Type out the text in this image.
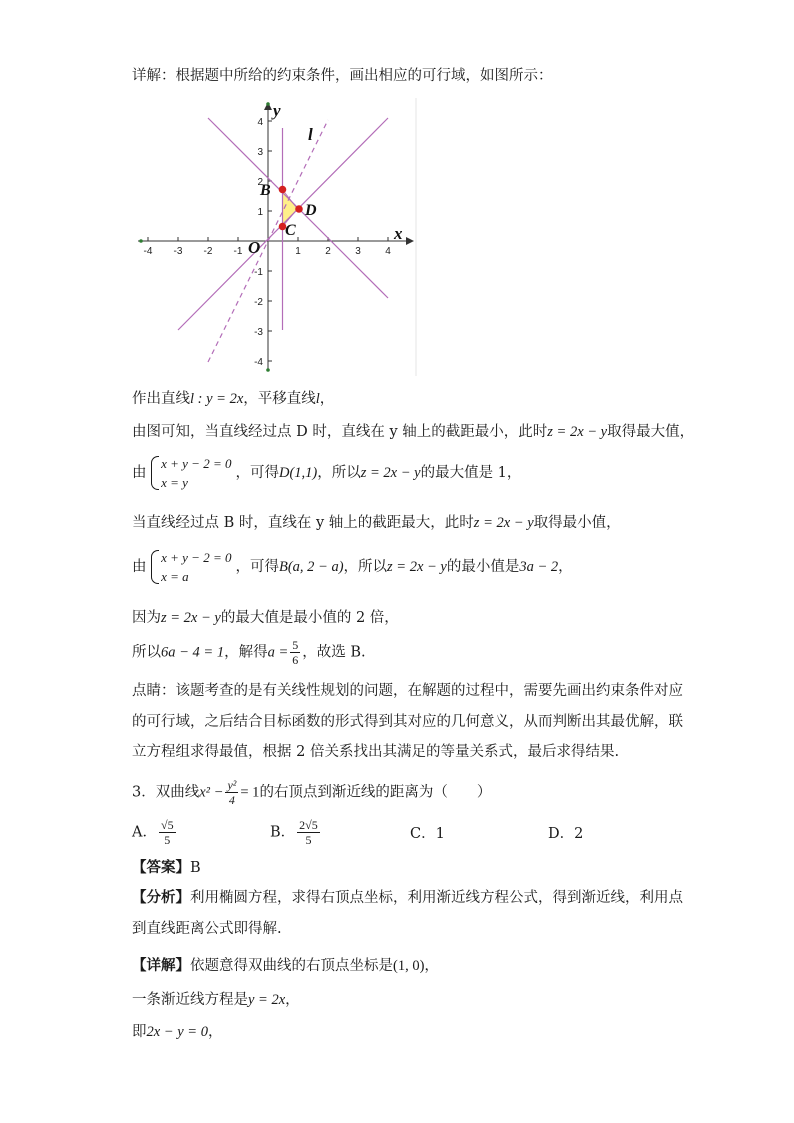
详解：根据题中所给的约束条件，画出相应的可行域，如图所示：
-4 -3 -2 -1	1 2 3 4
4
3
2
1
-1
-2
-3
-4
y
x
O
l
B
C
D
作出直线l : y = 2x，平移直线l，
由图可知，当直线经过点 D 时，直线在 y 轴上的截距最小，此时z = 2x − y取得最大值，
由
x + y − 2 = 0
x = y
，可得D(1,1)，所以z = 2x − y的最大值是 1，
当直线经过点 B 时，直线在 y 轴上的截距最大，此时z = 2x − y取得最小值，
由
x + y − 2 = 0
x = a
，可得B(a, 2 − a)，所以z = 2x − y的最小值是3a − 2，
因为z = 2x − y的最大值是最小值的 2 倍，
所以6a − 4 = 1，解得$a = \frac{5}{6}$ ，故选 B.
点睛：该题考查的是有关线性规划的问题，在解题的过程中，需要先画出约束条件对应
的可行域，之后结合目标函数的形式得到其对应的几何意义，从而判断出其最优解，联
立方程组求得最值，根据 2 倍关系找出其满足的等量关系式，最后求得结果.
3．双曲线$x^2 - \frac{\text{y²}}{4} = 1$的右顶点到渐近线的距离为（　　）
A． $\frac{√5}{5}$	B． $\frac{2√5}{5}$	C．1	D．2
【答案】B
【分析】利用椭圆方程，求得右顶点坐标，利用渐近线方程公式，得到渐近线，利用点
到直线距离公式即得解.
【详解】依题意得双曲线的右顶点坐标是(1, 0)，
一条渐近线方程是y = 2x，
即2x − y = 0，
